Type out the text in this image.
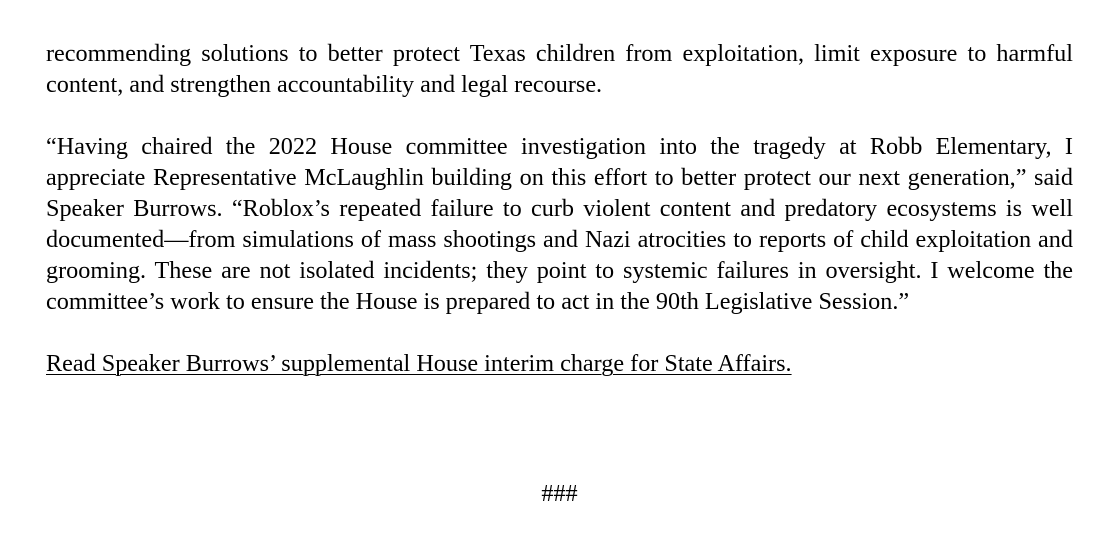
recommending solutions to better protect Texas children from exploitation, limit exposure to harmful content, and strengthen accountability and legal recourse.

“Having chaired the 2022 House committee investigation into the tragedy at Robb Elementary, I appreciate Representative McLaughlin building on this effort to better protect our next generation,” said Speaker Burrows. “Roblox’s repeated failure to curb violent content and predatory ecosystems is well documented—from simulations of mass shootings and Nazi atrocities to reports of child exploitation and grooming. These are not isolated incidents; they point to systemic failures in oversight. I welcome the committee’s work to ensure the House is prepared to act in the 90th Legislative Session.”

Read Speaker Burrows’ supplemental House interim charge for State Affairs.

###
